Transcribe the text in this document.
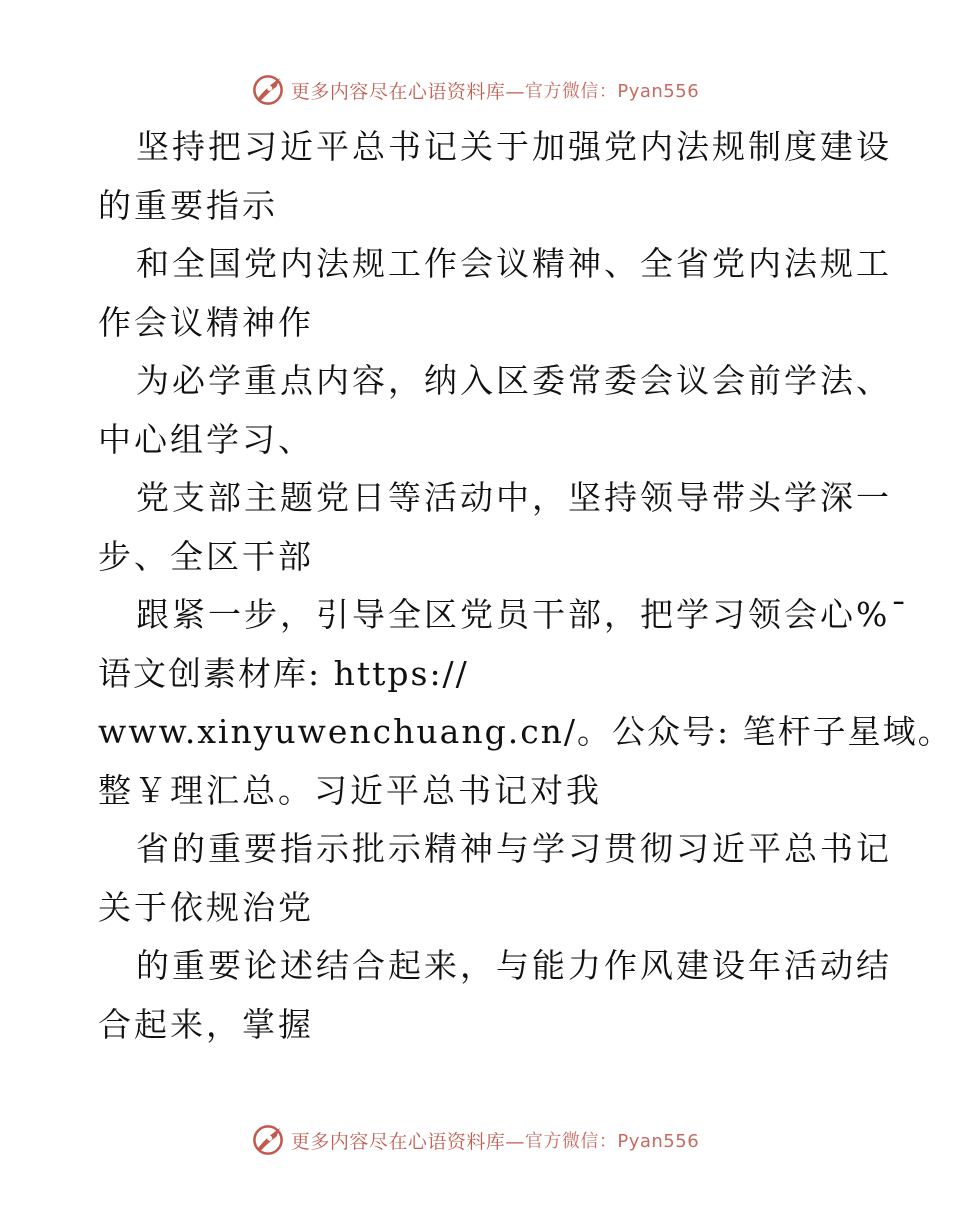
更多内容尽在心语资料库— 官方微信：Pyan556
坚持把习近平总书记关于加强党内法规制度建设
的重要指示
和全国党内法规工作会议精神、全省党内法规工
作会议精神作
为必学重点内容，纳入区委常委会议会前学法、
中心组学习、
党支部主题党日等活动中，坚持领导带头学深一
步、全区干部
跟紧一步，引导全区党员干部，把学习领会心%¯
语文创素材库: https://
www.xinyuwenchuang.cn/。公众号: 笔杆子星域。
整￥理汇总。习近平总书记对我
省的重要指示批示精神与学习贯彻习近平总书记
关于依规治党
的重要论述结合起来，与能力作风建设年活动结
合起来，掌握
更多内容尽在心语资料库— 官方微信：Pyan556
